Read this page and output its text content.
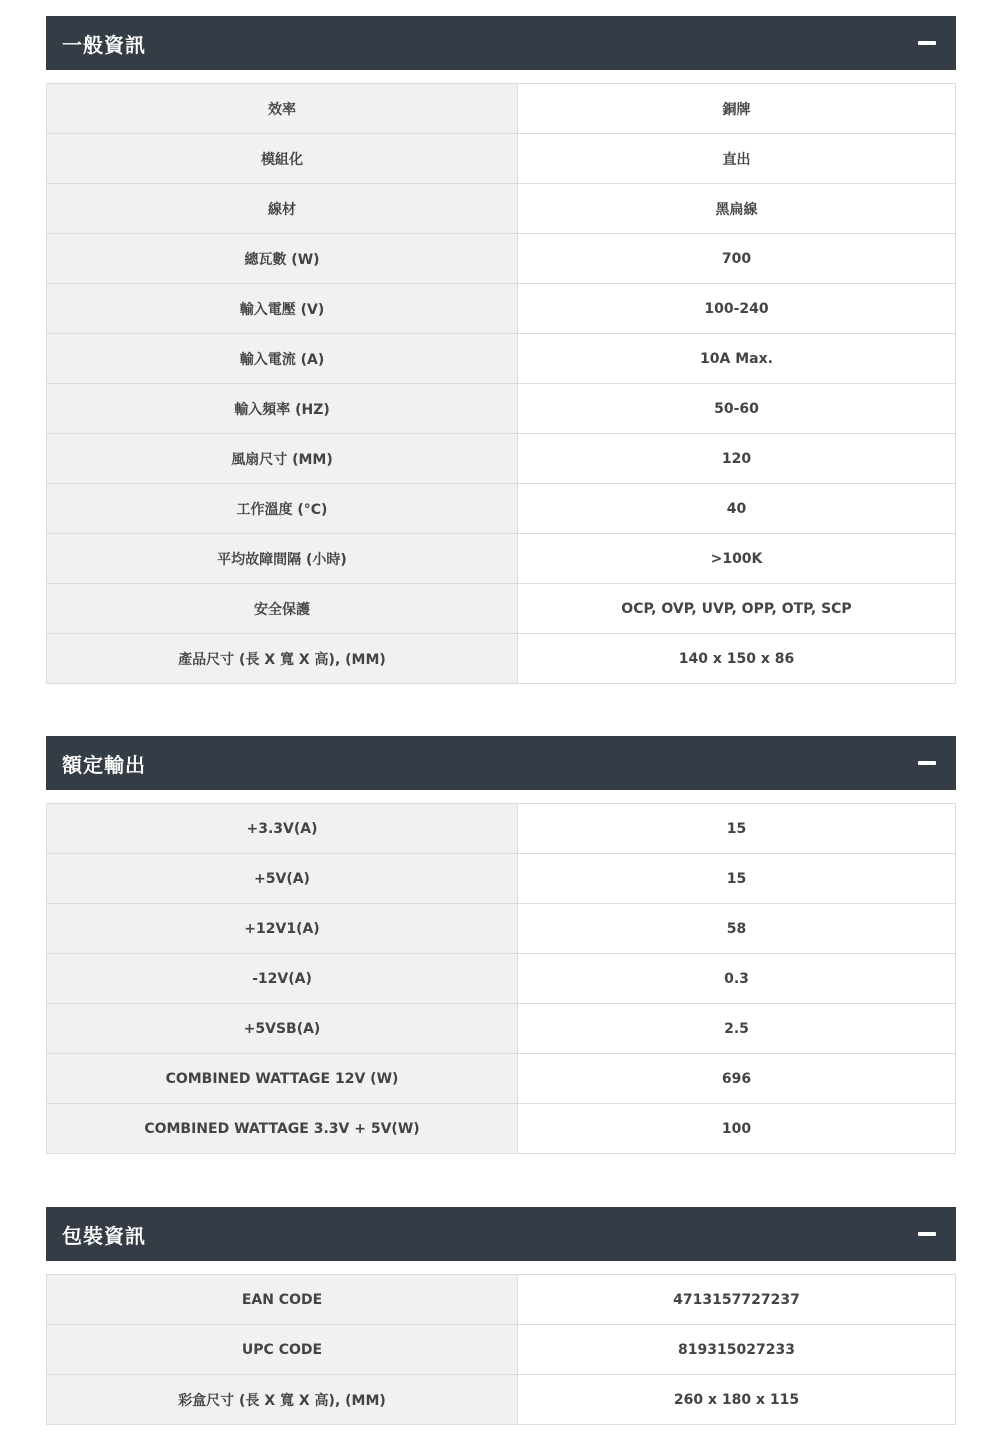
一般資訊
效率	銅牌
模組化	直出
線材	黑扁線
總瓦數 (W)	700
輸入電壓 (V)	100-240
輸入電流 (A)	10A Max.
輸入頻率 (HZ)	50-60
風扇尺寸 (MM)	120
工作溫度 (°C)	40
平均故障間隔 (小時)	>100K
安全保護	OCP, OVP, UVP, OPP, OTP, SCP
產品尺寸 (長 X 寬 X 高), (MM)	140 x 150 x 86
額定輸出
+3.3V(A)	15
+5V(A)	15
+12V1(A)	58
-12V(A)	0.3
+5VSB(A)	2.5
COMBINED WATTAGE 12V (W)	696
COMBINED WATTAGE 3.3V + 5V(W)	100
包裝資訊
EAN CODE	4713157727237
UPC CODE	819315027233
彩盒尺寸 (長 X 寬 X 高), (MM)	260 x 180 x 115
